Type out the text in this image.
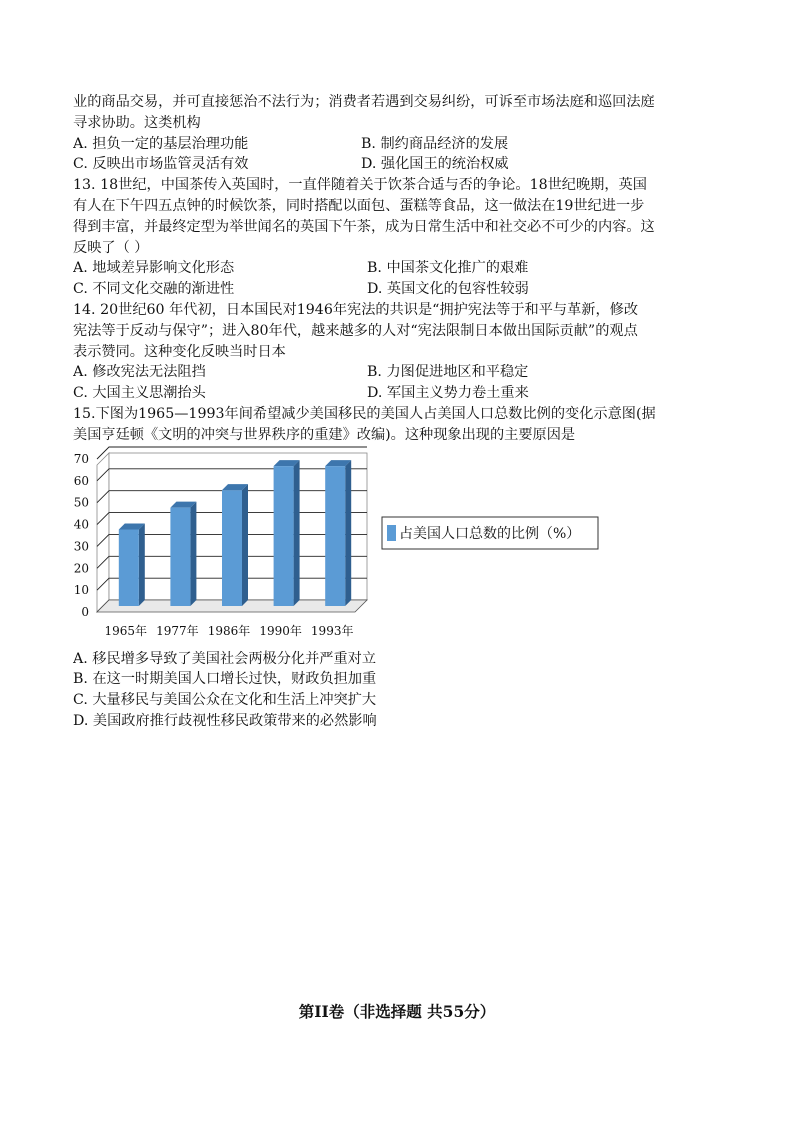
业的商品交易，并可直接惩治不法行为；消费者若遇到交易纠纷，可诉至市场法庭和巡回法庭
寻求协助。这类机构
A. 担负一定的基层治理功能	B. 制约商品经济的发展
C. 反映出市场监管灵活有效	D. 强化国王的统治权威
13. 18世纪，中国茶传入英国时，一直伴随着关于饮茶合适与否的争论。18世纪晚期，英国
有人在下午四五点钟的时候饮茶，同时搭配以面包、蛋糕等食品，这一做法在19世纪进一步
得到丰富，并最终定型为举世闻名的英国下午茶，成为日常生活中和社交必不可少的内容。这
反映了（ ）
A. 地域差异影响文化形态	B. 中国茶文化推广的艰难
C. 不同文化交融的渐进性	D. 英国文化的包容性较弱
14. 20世纪60 年代初，日本国民对1946年宪法的共识是“拥护宪法等于和平与革新，修改
宪法等于反动与保守”；进入80年代，越来越多的人对“宪法限制日本做出国际贡献”的观点
表示赞同。这种变化反映当时日本
A. 修改宪法无法阻挡	B. 力图促进地区和平稳定
C. 大国主义思潮抬头	D. 军国主义势力卷土重来
15.下图为1965—1993年间希望减少美国移民的美国人占美国人口总数比例的变化示意图(据
美国亨廷顿《文明的冲突与世界秩序的重建》改编)。这种现象出现的主要原因是
0
10
20
30
40
50
60
70
1965年 1977年 1986年 1990年 1993年
占美国人口总数的比例（%）
A. 移民增多导致了美国社会两极分化并严重对立
B. 在这一时期美国人口增长过快，财政负担加重
C. 大量移民与美国公众在文化和生活上冲突扩大
D. 美国政府推行歧视性移民政策带来的必然影响
第II卷（非选择题 共55分）
